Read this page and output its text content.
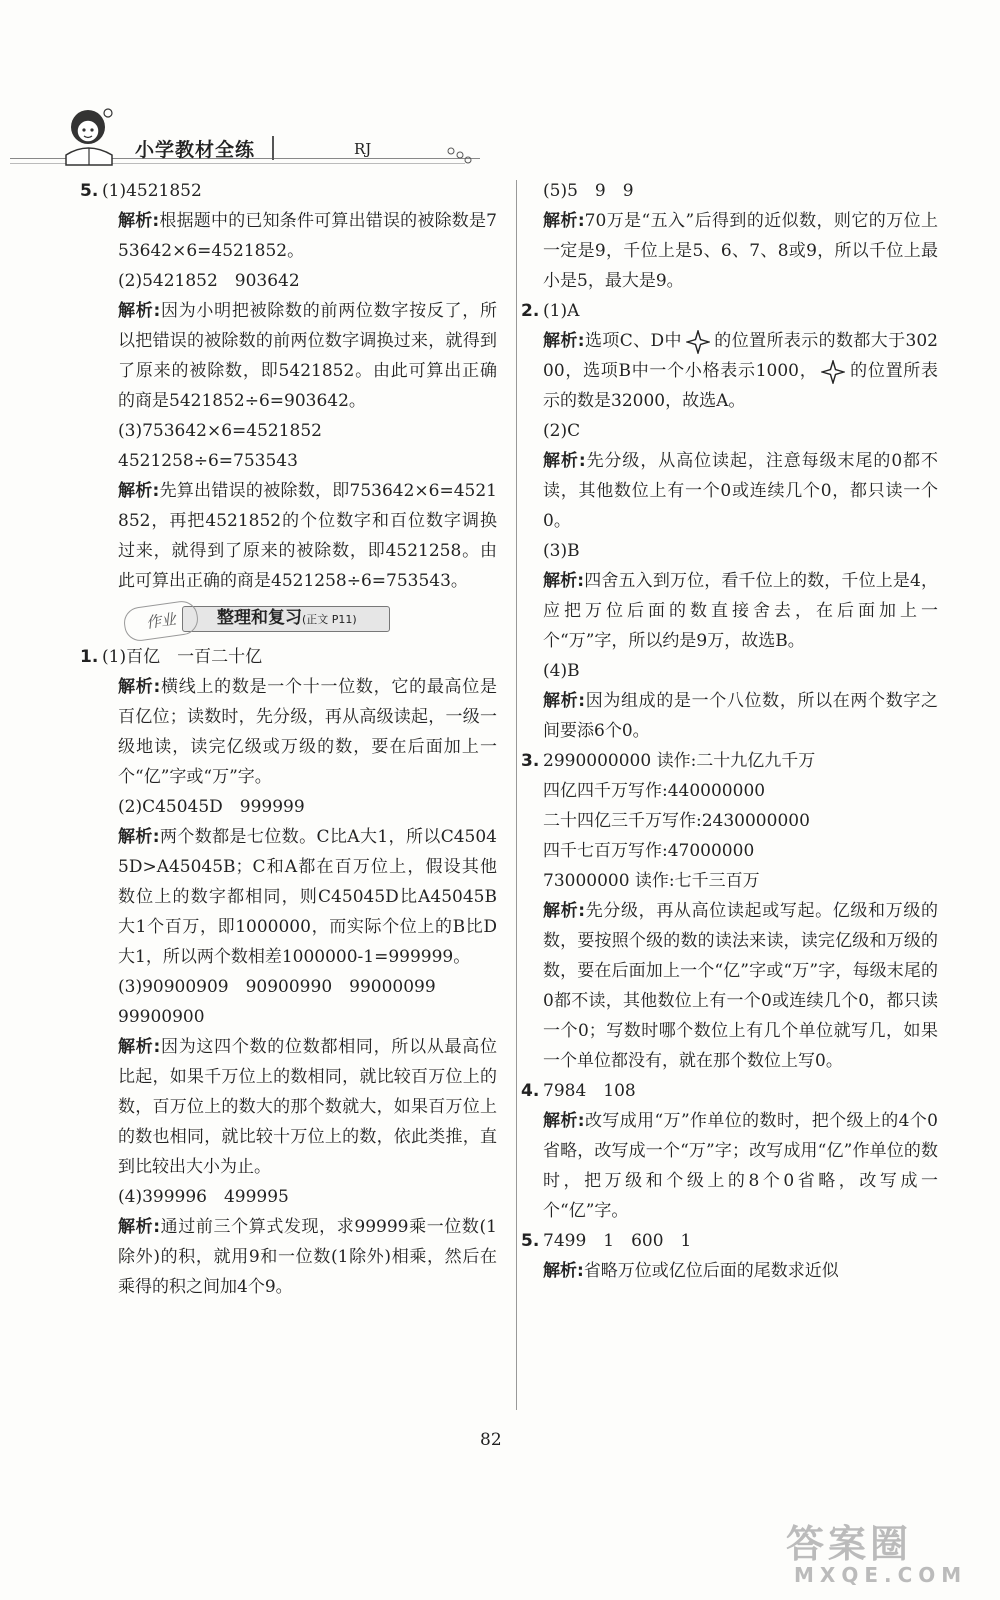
小学教材全练	RJ

5. (1)4521852

解析:根据题中的已知条件可算出错误的被除数是753642×6=4521852。

(2)5421852　903642

解析:因为小明把被除数的前两位数字按反了，所以把错误的被除数的前两位数字调换过来，就得到了原来的被除数，即5421852。由此可算出正确的商是5421852÷6=903642。

(3)753642×6=4521852

4521258÷6=753543

解析:先算出错误的被除数，即753642×6=4521852，再把4521852的个位数字和百位数字调换过来，就得到了原来的被除数，即4521258。由此可算出正确的商是4521258÷6=753543。

作业	整理和复习(正文 P11)

1. (1)百亿　一百二十亿

解析:横线上的数是一个十一位数，它的最高位是百亿位；读数时，先分级，再从高级读起，一级一级地读，读完亿级或万级的数，要在后面加上一个“亿”字或“万”字。

(2)C45045D　999999

解析:两个数都是七位数。C比A大1，所以C45045D>A45045B；C和A都在百万位上，假设其他数位上的数字都相同，则C45045D比A45045B大1个百万，即1000000，而实际个位上的B比D大1，所以两个数相差1000000-1=999999。

(3)90900909　90900990　99000099

99900900

解析:因为这四个数的位数都相同，所以从最高位比起，如果千万位上的数相同，就比较百万位上的数，百万位上的数大的那个数就大，如果百万位上的数也相同，就比较十万位上的数，依此类推，直到比较出大小为止。

(4)399996　499995

解析:通过前三个算式发现，求99999乘一位数(1除外)的积，就用9和一位数(1除外)相乘，然后在乘得的积之间加4个9。

(5)5　9　9

解析:70万是“五入”后得到的近似数，则它的万位上一定是9，千位上是5、6、7、8或9，所以千位上最小是5，最大是9。

2. (1)A

解析:选项C、D中 的位置所表示的数都大于30200，选项B中一个小格表示1000， 的位置所表示的数是32000，故选A。

(2)C

解析:先分级，从高位读起，注意每级末尾的0都不读，其他数位上有一个0或连续几个0，都只读一个0。

(3)B

解析:四舍五入到万位，看千位上的数，千位上是4，应把万位后面的数直接舍去，在后面加上一个“万”字，所以约是9万，故选B。

(4)B

解析:因为组成的是一个八位数，所以在两个数字之间要添6个0。

3. 2990000000 读作:二十九亿九千万

四亿四千万写作:440000000

二十四亿三千万写作:2430000000

四千七百万写作:47000000

73000000 读作:七千三百万

解析:先分级，再从高位读起或写起。亿级和万级的数，要按照个级的数的读法来读，读完亿级和万级的数，要在后面加上一个“亿”字或“万”字，每级末尾的0都不读，其他数位上有一个0或连续几个0，都只读一个0；写数时哪个数位上有几个单位就写几，如果一个单位都没有，就在那个数位上写0。

4. 7984　108

解析:改写成用“万”作单位的数时，把个级上的4个0省略，改写成一个“万”字；改写成用“亿”作单位的数时，把万级和个级上的8个0省略，改写成一个“亿”字。

5. 7499　1　600　1

解析:省略万位或亿位后面的尾数求近似

82
答案圈
MXQE.COM
